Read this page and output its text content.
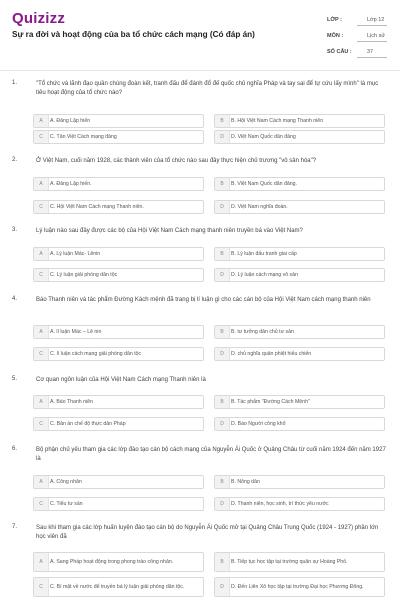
Quizizz
Sự ra đời và hoạt động của ba tổ chức cách mạng (Có đáp án)
LỚP :	Lớp 12
MÔN :	Lịch sử
SỐ CÂU :	37
1.	"Tổ chức và lãnh đạo quần chúng đoàn kết, tranh đấu để đánh đổ đế quốc chủ nghĩa Pháp và tay sai để tự cứu lấy mình" là mục tiêu hoạt động của tổ chức nào?
A	A. Đảng Lập hiến	B	B. Hội Việt Nam Cách mạng Thanh niên
C	C. Tân Việt Cách mạng đảng	D	D. Việt Nam Quốc dân đảng
2.	Ở Việt Nam, cuối năm 1928, các thành viên của tổ chức nào sau đây thực hiện chủ trương "vô sản hóa"?
A	A. Đảng Lập hiến.	B	B. Việt Nam Quốc dân đảng.
C	C. Hội Việt Nam Cách mạng Thanh niên.	D	D. Việt Nam nghĩa đoàn.
3.	Lý luận nào sau đây được các bộ của Hội Việt Nam Cách mạng thanh niên truyền bá vào Việt Nam?
A	A. Lý luận Mác- Lênin	B	B. Lý luận đấu tranh giai cấp
C	C. Lý luận giải phóng dân tộc	D	D. Lý luận cách mạng vô sản
4.	Báo Thanh niên và tác phẩm Đường Kách mệnh đã trang bị lí luận gì cho các cán bộ của Hội Việt Nam cách mạng thanh niên
A	A. lí luận Mác – Lê nin	B	B. tư tưởng dân chủ tư sản
C	C. lí luận cách mạng giải phóng dân tộc	D	D. chủ nghĩa quân phiệt hiếu chiến
5.	Cơ quan ngôn luận của Hội Việt Nam Cách mạng Thanh niên là
A	A. Báo Thanh niên	B	B. Tác phẩm "Đường Cách Mệnh"
C	C. Bản án chế độ thực dân Pháp	D	D. Báo Người công khổ
6.	Bộ phận chủ yếu tham gia các lớp đào tạo cán bộ cách mạng của Nguyễn Ái Quốc ở Quảng Châu từ cuối năm 1924 đến năm 1927 là
A	A. Công nhân	B	B. Nông dân
C	C. Tiểu tư sản	D	D. Thanh niên, học sinh, trí thức yêu nước
7.	Sau khi tham gia các lớp huấn luyện đào tạo cán bộ do Nguyễn Ái Quốc mở tại Quảng Châu Trung Quốc (1924 - 1927) phần lớn học viên đã
A	A. Sang Pháp hoạt động trong phong trào công nhân.	B	B. Tiếp tục học tập tại trường quân sự Hoàng Phố.
C	C. Bí mật về nước để truyền bá lý luận giải phóng dân tộc.	D	D. Đến Liên Xô học tập tại trường Đại học Phương Đông.
